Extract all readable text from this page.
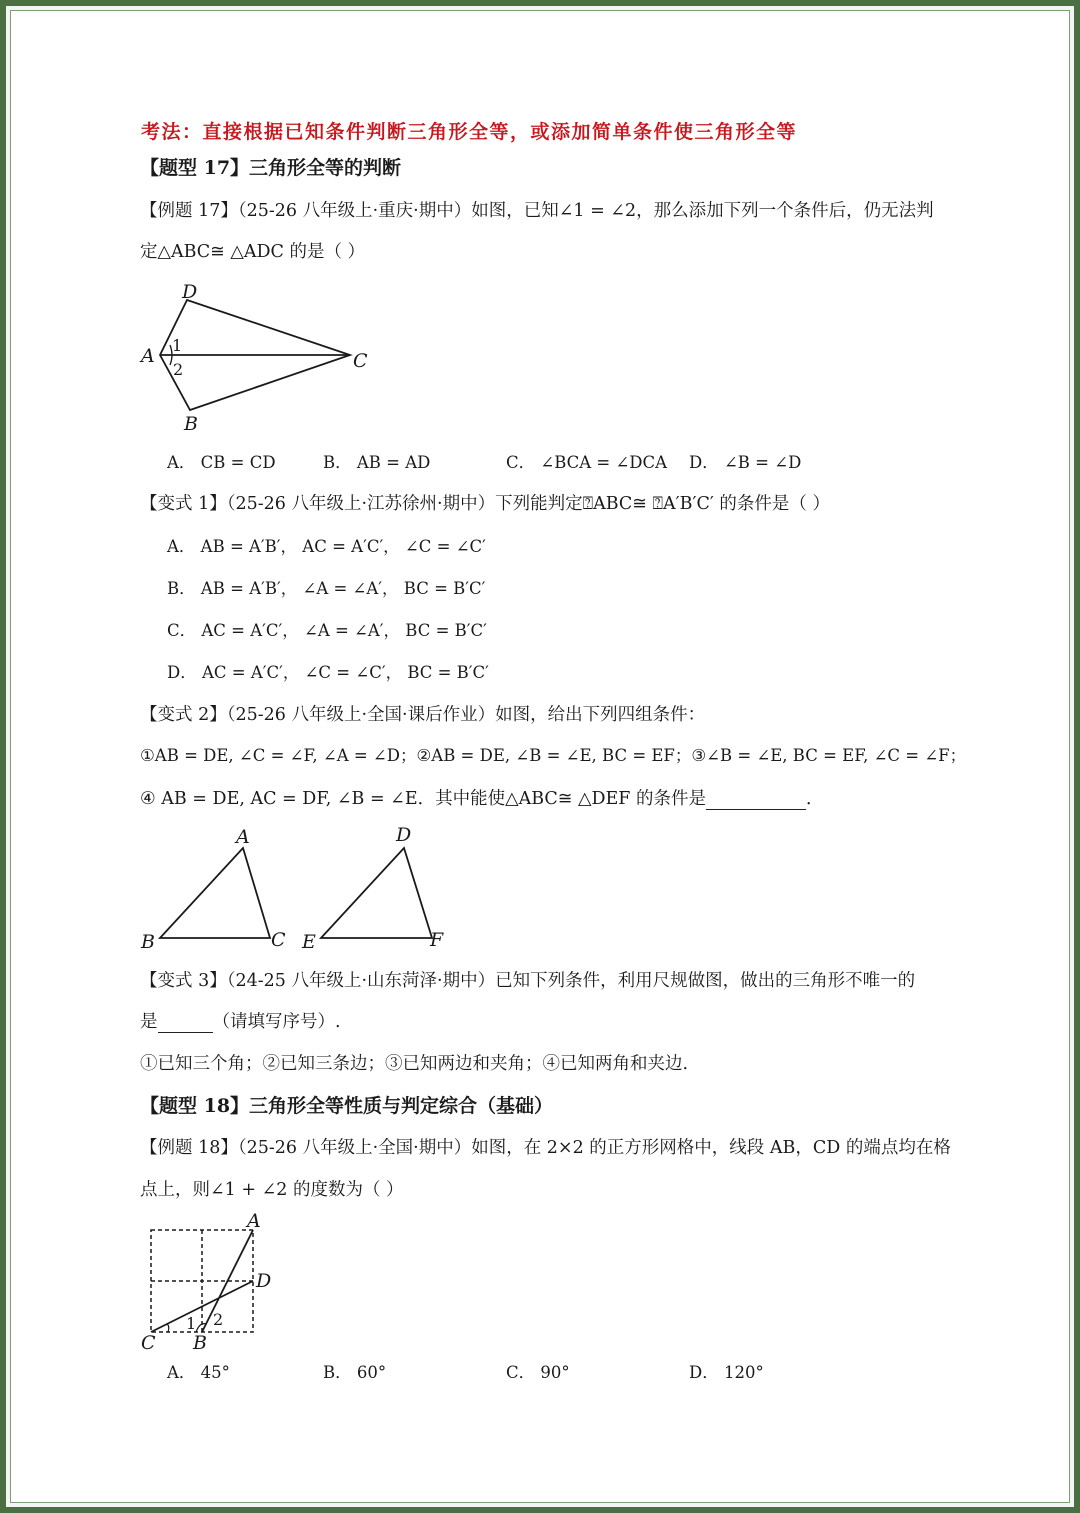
考法：直接根据已知条件判断三角形全等，或添加简单条件使三角形全等
【题型 17】三角形全等的判断
【例题 17】（25-26 八年级上·重庆·期中）如图，已知∠1 = ∠2，那么添加下列一个条件后，仍无法判
定△ABC≅ △ADC 的是（ ）
D
A 1
2	C
B
A． CB = CD	B． AB = AD	C． ∠BCA = ∠DCA D． ∠B = ∠D
【变式 1】（25-26 八年级上·江苏徐州·期中）下列能判定⍰ABC≅ ⍰A′B′C′ 的条件是（ ）
A． AB = A′B′， AC = A′C′， ∠C = ∠C′
B． AB = A′B′， ∠A = ∠A′， BC = B′C′
C． AC = A′C′， ∠A = ∠A′， BC = B′C′
D． AC = A′C′， ∠C = ∠C′， BC = B′C′
【变式 2】（25-26 八年级上·全国·课后作业）如图，给出下列四组条件：
①AB = DE, ∠C = ∠F, ∠A = ∠D；②AB = DE, ∠B = ∠E, BC = EF；③∠B = ∠E, BC = EF, ∠C = ∠F；
④ AB = DE, AC = DF, ∠B = ∠E．其中能使△ABC≅ △DEF 的条件是	．
A
B	C
D
E	F
【变式 3】（24-25 八年级上·山东菏泽·期中）已知下列条件，利用尺规做图，做出的三角形不唯一的
是	（请填写序号）.
①已知三个角；②已知三条边；③已知两边和夹角；④已知两角和夹边.
【题型 18】三角形全等性质与判定综合（基础）
【例题 18】（25-26 八年级上·全国·期中）如图，在 2×2 的正方形网格中，线段 AB，CD 的端点均在格
点上，则∠1 + ∠2 的度数为（ ）
A
D
C B
1 2
A． 45°	B． 60°	C． 90°	D． 120°
